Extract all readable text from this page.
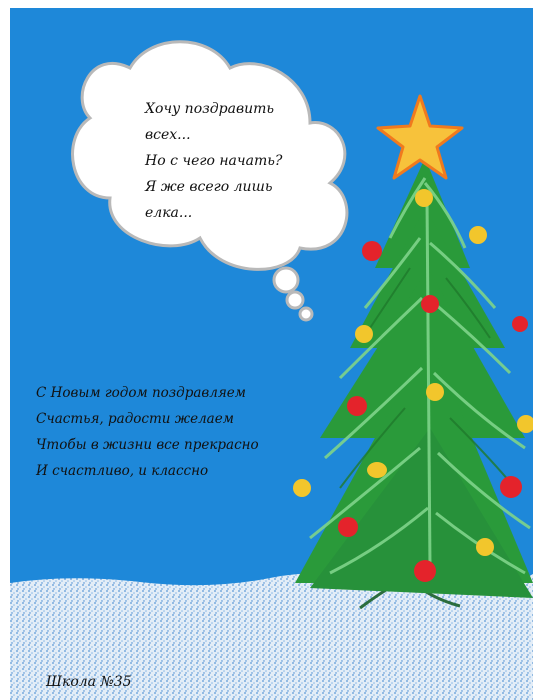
Хочу поздравить
всех...
Но с чего начать?
Я же всего лишь
елка...
С Новым годом поздравляем
Счастья, радости желаем
Чтобы в жизни все прекрасно
И счастливо, и классно
Школа №35
